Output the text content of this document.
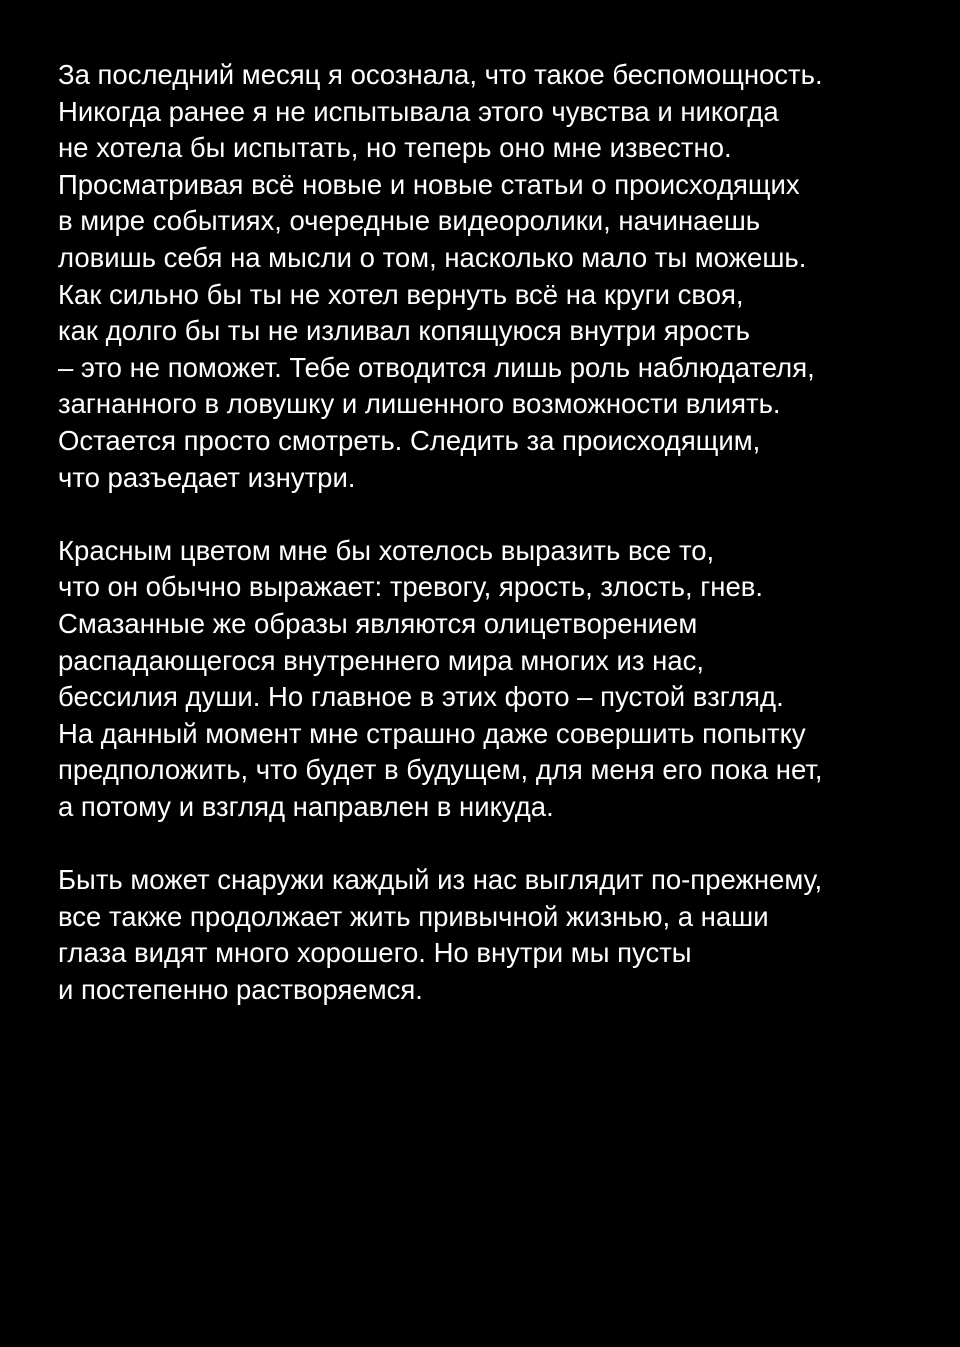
За последний месяц я осознала, что такое беспомощность.
Никогда ранее я не испытывала этого чувства и никогда
не хотела бы испытать, но теперь оно мне известно.
Просматривая всё новые и новые статьи о происходящих
в мире событиях, очередные видеоролики, начинаешь
ловишь себя на мысли о том, насколько мало ты можешь.
Как сильно бы ты не хотел вернуть всё на круги своя,
как долго бы ты не изливал копящуюся внутри ярость
– это не поможет. Тебе отводится лишь роль наблюдателя,
загнанного в ловушку и лишенного возможности влиять.
Остается просто смотреть. Следить за происходящим,
что разъедает изнутри.
Красным цветом мне бы хотелось выразить все то,
что он обычно выражает: тревогу, ярость, злость, гнев.
Смазанные же образы являются олицетворением
распадающегося внутреннего мира многих из нас,
бессилия души. Но главное в этих фото – пустой взгляд.
На данный момент мне страшно даже совершить попытку
предположить, что будет в будущем, для меня его пока нет,
а потому и взгляд направлен в никуда.
Быть может снаружи каждый из нас выглядит по-прежнему,
все также продолжает жить привычной жизнью, а наши
глаза видят много хорошего. Но внутри мы пусты
и постепенно растворяемся.
